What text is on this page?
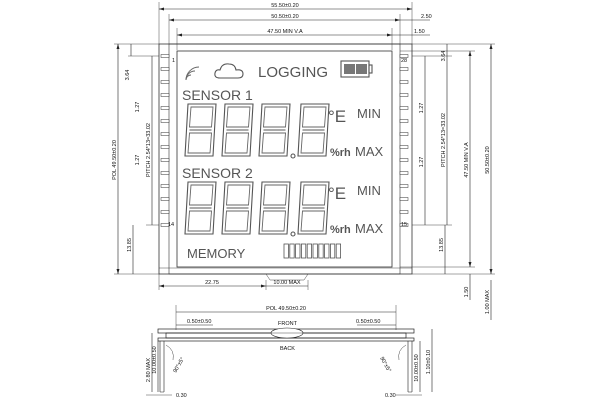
55.50±0.20
50.50±0.20
47.50 MIN V.A
2.50
1.50
28
15
1
14
LOGGING
SENSOR 1
SENSOR 2
888.8
°E MIN
%rh MAX
°E MIN
%rh MAX
MEMORY
POL 49.50±0.20
3.64
PITCH 2.54*13=33.02
1.27
1.27
13.85
3.64
1.27
1.27	PITCH 2.54*13=33.02
13.85
47.50 MIN V.A	50.50±0.20
1.50	1.00 MAX
22.75	10.00 MAX
POL 49.50±0.20
0.50±0.50	0.50±0.50
FRONT
BACK
90°±5°	90°±5°
2.80 MAX 10.00±0.50	10.00±0.50 1.10±0.10
0.30	0.30
